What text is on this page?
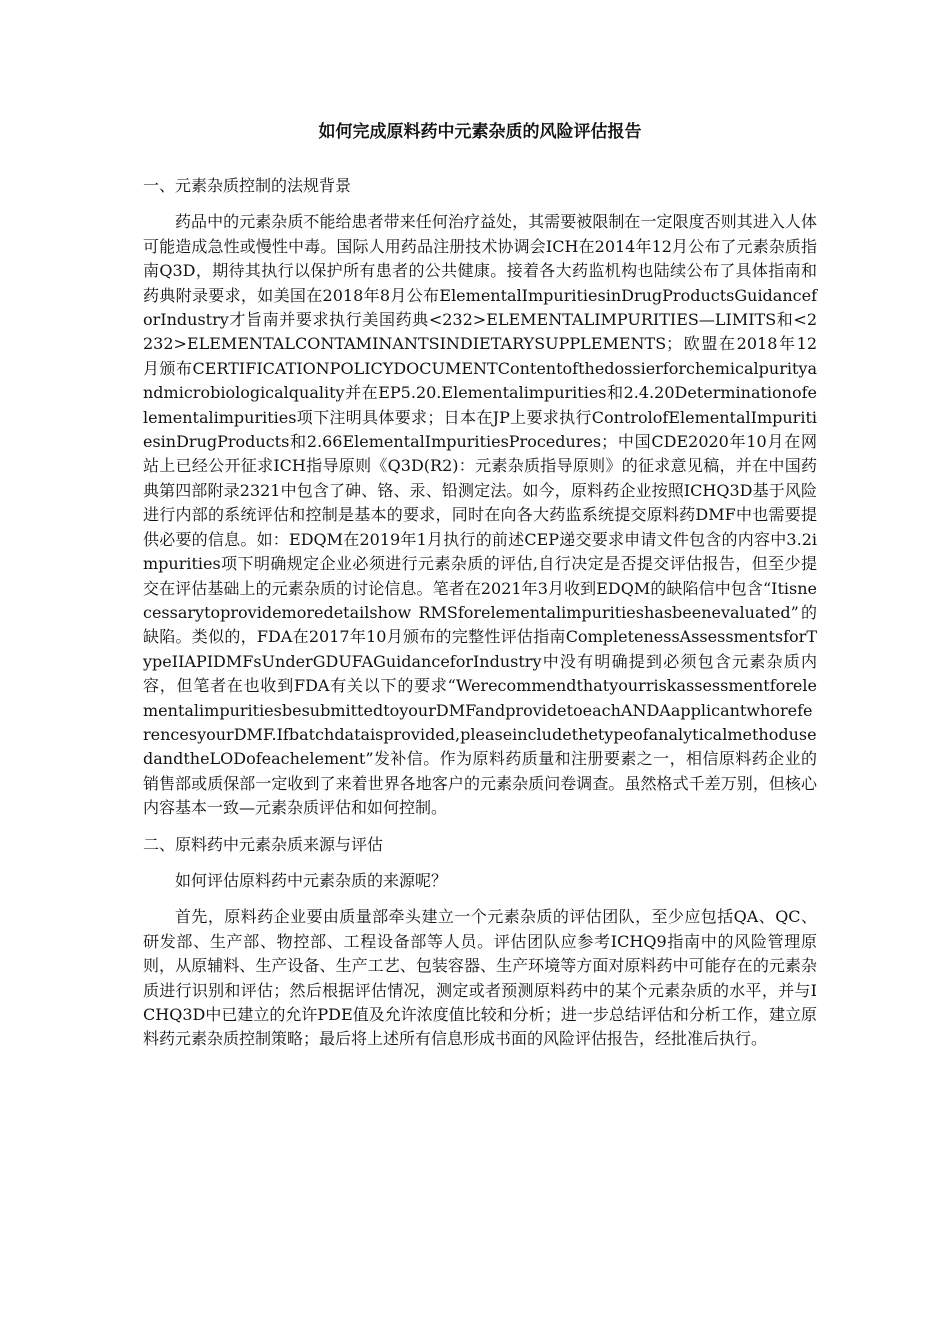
如何完成原料药中元素杂质的风险评估报告
一、元素杂质控制的法规背景
药品中的元素杂质不能给患者带来任何治疗益处，其需要被限制在一定限度否则其进入人体可能造成急性或慢性中毒。国际人用药品注册技术协调会ICH在2014年12月公布了元素杂质指南Q3D，期待其执行以保护所有患者的公共健康。接着各大药监机构也陆续公布了具体指南和药典附录要求，如美国在2018年8月公布ElementalImpuritiesinDrugProductsGuidanceforIndustry才旨南并要求执行美国药典<232>ELEMENTALIMPURITIES—LIMITS和<2232>ELEMENTALCONTAMINANTSINDIETARYSUPPLEMENTS；欧盟在2018年12月颁布CERTIFICATIONPOLICYDOCUMENTContentofthedossierforchemicalpurityandmicrobiologicalquality并在EP5.20.Elementalimpurities和2.4.20Determinationofelementalimpurities项下注明具体要求；日本在JP上要求执行ControlofElementalImpuritiesinDrugProducts和2.66ElementalImpuritiesProcedures；中国CDE2020年10月在网站上已经公开征求ICH指导原则《Q3D(R2)：元素杂质指导原则》的征求意见稿，并在中国药典第四部附录2321中包含了砷、铬、汞、铅测定法。如今，原料药企业按照ICHQ3D基于风险进行内部的系统评估和控制是基本的要求，同时在向各大药监系统提交原料药DMF中也需要提供必要的信息。如：EDQM在2019年1月执行的前述CEP递交要求申请文件包含的内容中3.2impurities项下明确规定企业必须进行元素杂质的评估,自行决定是否提交评估报告，但至少提交在评估基础上的元素杂质的讨论信息。笔者在2021年3月收到EDQM的缺陷信中包含“Itisnecessarytoprovidemoredetailshow RMSforelementalimpuritieshasbeenevaluated”的缺陷。类似的，FDA在2017年10月颁布的完整性评估指南CompletenessAssessmentsforTypeIIAPIDMFsUnderGDUFAGuidanceforIndustry中没有明确提到必须包含元素杂质内容，但笔者在也收到FDA有关以下的要求“WerecommendthatyourriskassessmentforelementalimpuritiesbesubmittedtoyourDMFandprovidetoeachANDAapplicantwhoreferencesyourDMF.Ifbatchdataisprovided,pleaseincludethetypeofanalyticalmethodusedandtheLODofeachelement”发补信。作为原料药质量和注册要素之一，相信原料药企业的销售部或质保部一定收到了来着世界各地客户的元素杂质问卷调查。虽然格式千差万别，但核心内容基本一致—元素杂质评估和如何控制。
二、原料药中元素杂质来源与评估
如何评估原料药中元素杂质的来源呢？
首先，原料药企业要由质量部牵头建立一个元素杂质的评估团队，至少应包括QA、QC、研发部、生产部、物控部、工程设备部等人员。评估团队应参考ICHQ9指南中的风险管理原则，从原辅料、生产设备、生产工艺、包装容器、生产环境等方面对原料药中可能存在的元素杂质进行识别和评估；然后根据评估情况，测定或者预测原料药中的某个元素杂质的水平，并与ICHQ3D中已建立的允许PDE值及允许浓度值比较和分析；进一步总结评估和分析工作，建立原料药元素杂质控制策略；最后将上述所有信息形成书面的风险评估报告，经批准后执行。
